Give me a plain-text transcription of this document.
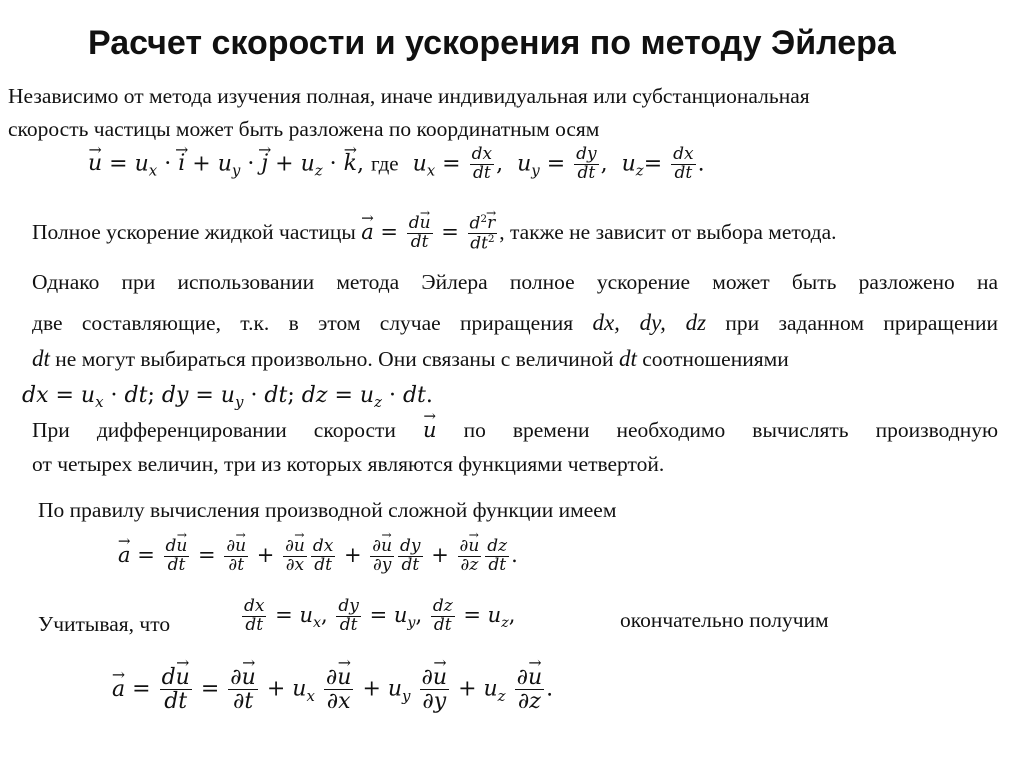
Расчет скорости и ускорения по методу Эйлера
Независимо от метода изучения полная, иначе индивидуальная или субстанциональная
скорость частицы может быть разложена по координатным осям
→ $u = u_x$ · → $i + u_y$ · → $j + u_z$ · → k, где  $u_x = \frac{dx}{dt}$ ,  $u_y = \frac{dy}{dt}$ ,  $u_z= \frac{dx}{dt}$ .
Полное ускорение жидкой частицы → $a = \frac{d\to u}{dt} = \frac{d^2\to r}{dt^2}$ , также не зависит от выбора метода.
Однако при использовании метода Эйлера полное ускорение может быть разложено на
две составляющие, т.к. в этом случае приращения dx, dy, dz при заданном приращении
dt не могут выбираться произвольно. Они связаны с величиной dt соотношениями
dx = $u_x$ · dt; dy = $u_y$ · dt; dz = $u_z$ · dt.
При дифференцировании скорости → u по времени необходимо вычислять производную
от четырех величин, три из которых являются функциями четвертой.
По правилу вычисления производной сложной функции имеем
→ $a = \frac{d\to u}{dt} = \frac{\partial\to u}{\partial t} + \frac{\partial\to u}{\partial x} \frac{dx}{dt} + \frac{\partial\to u}{\partial y} \frac{dy}{dt} + \frac{\partial\to u}{\partial z} \frac{dz}{dt}$ .
Учитывая, что	$\frac{dx}{dt} = u_x$, $\frac{dy}{dt} = u_y$, $\frac{dz}{dt} = u_z$,	окончательно получим
→ $a = \frac{d\to u}{dt} = \frac{\partial\to u}{\partial t} + u_x \frac{\partial\to u}{\partial x} + u_y \frac{\partial\to u}{\partial y} + u_z \frac{\partial\to u}{\partial z}$ .
